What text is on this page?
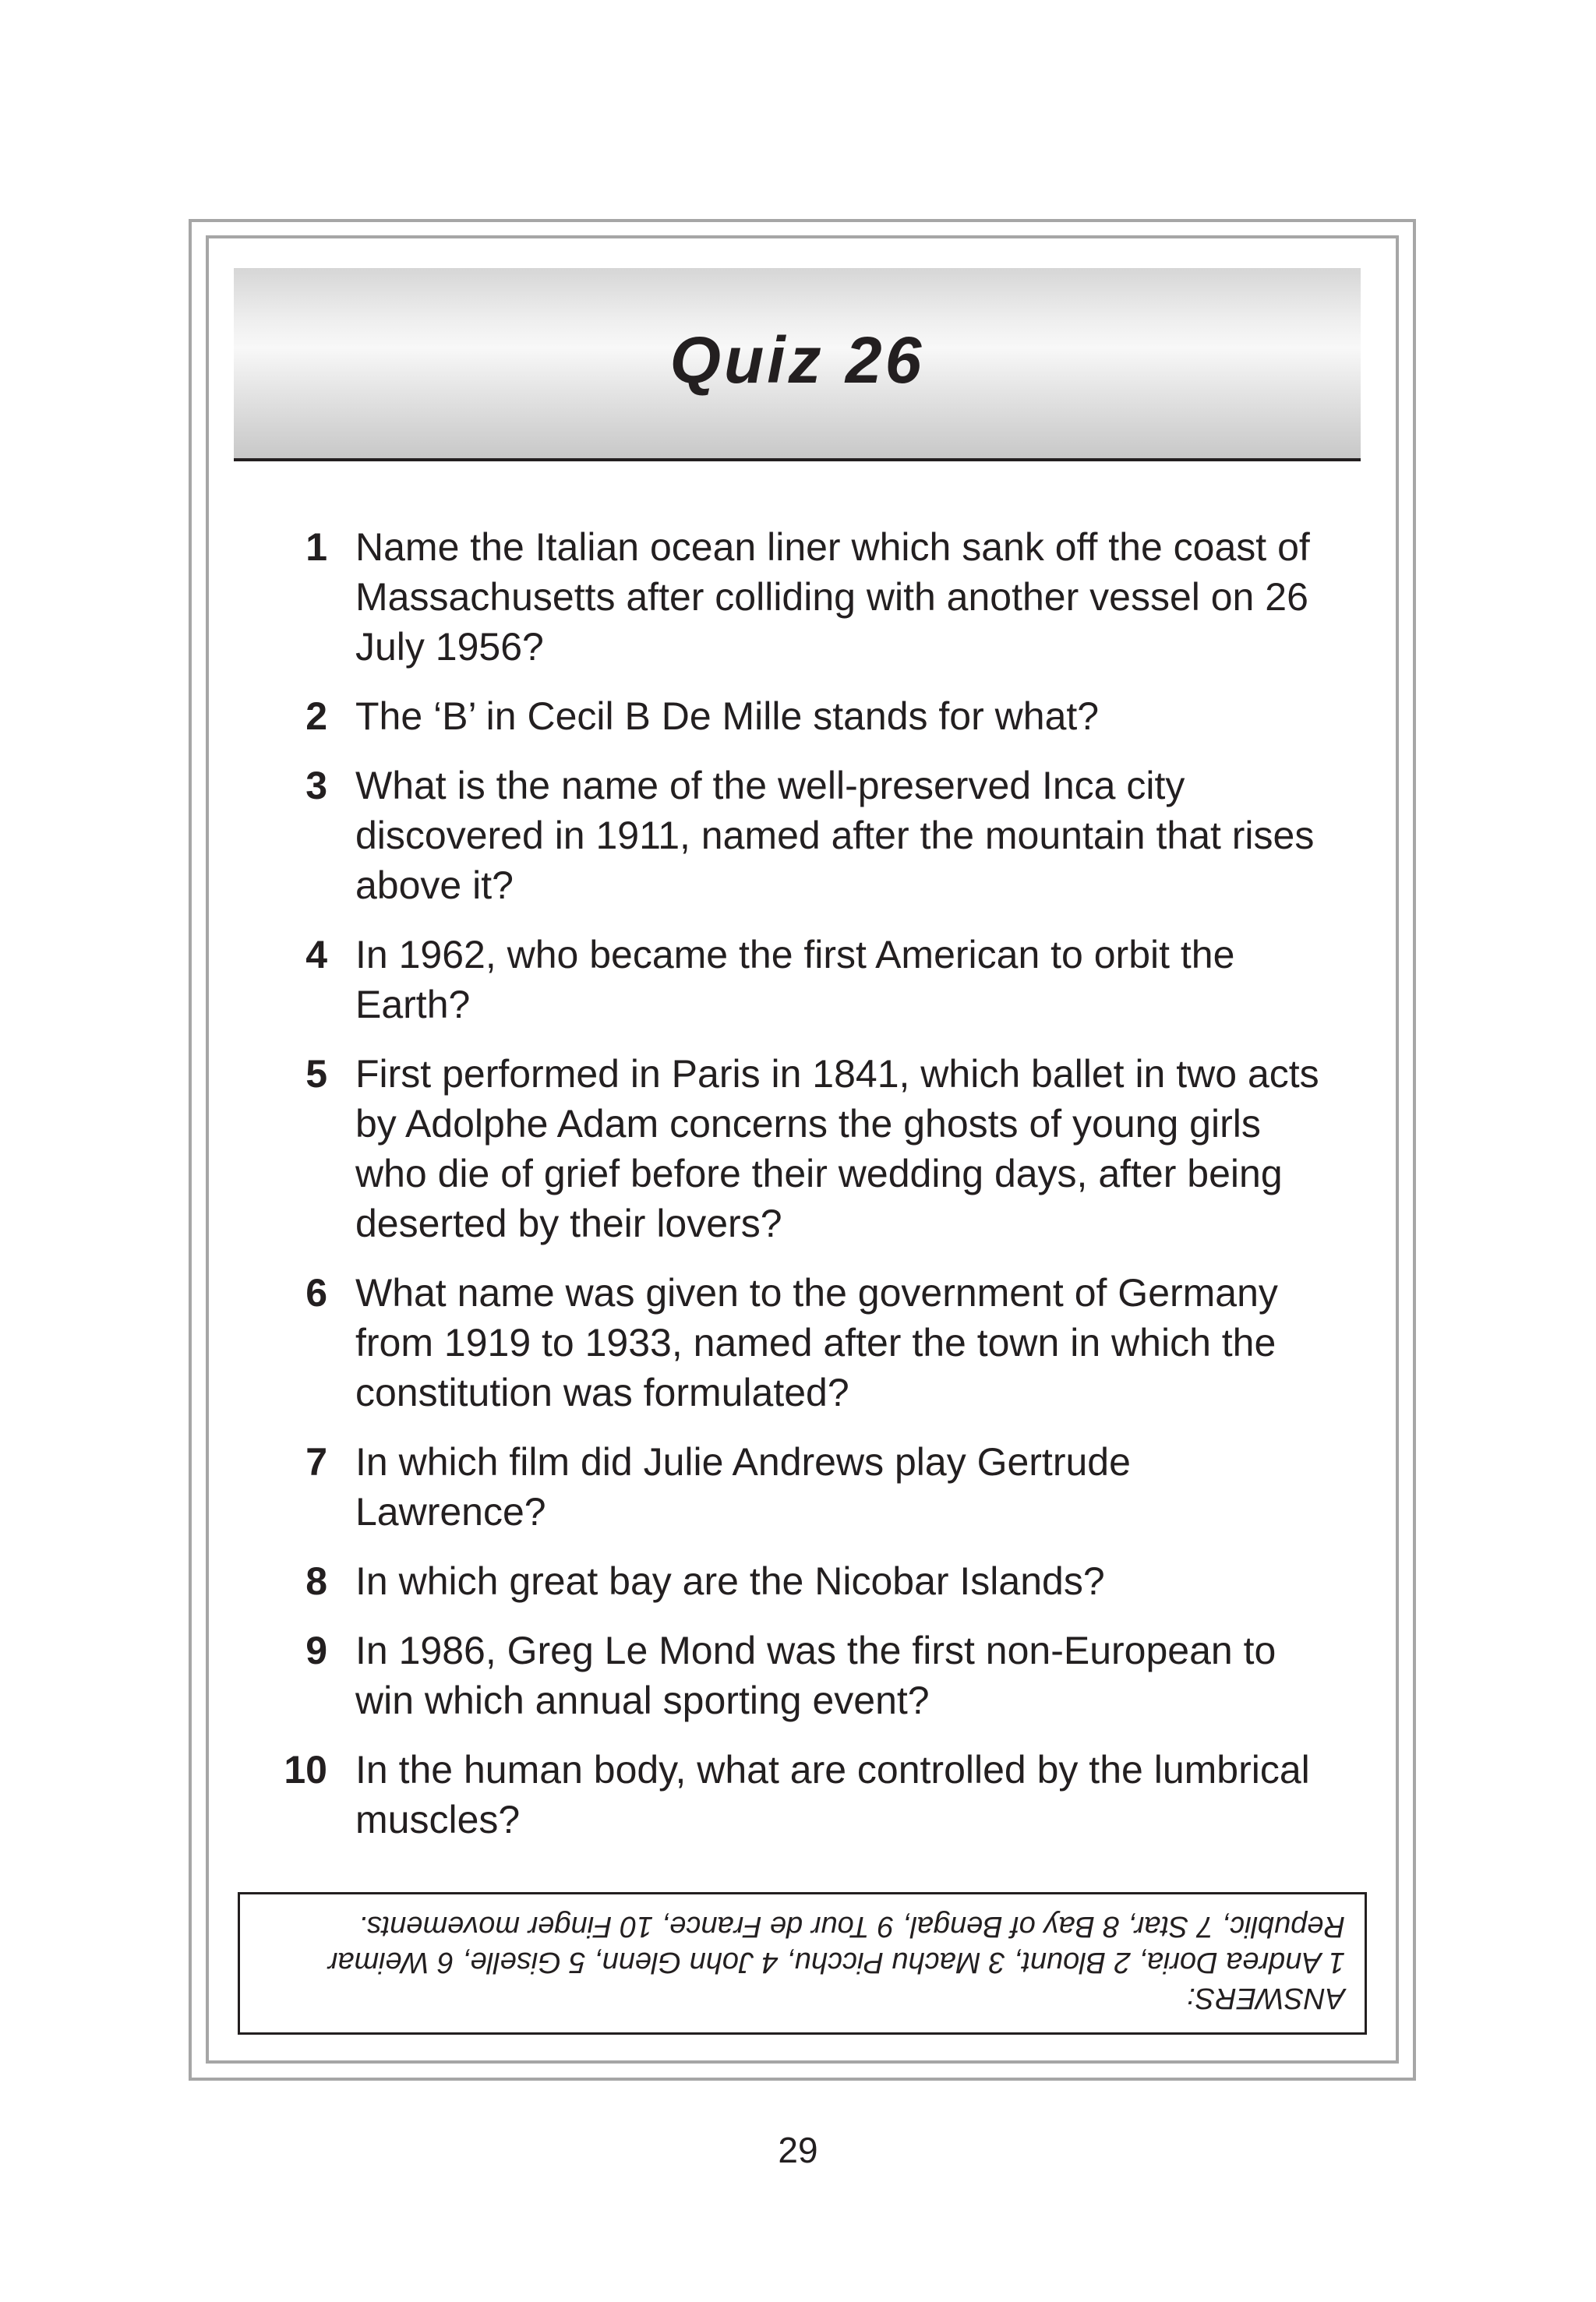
Quiz 26
1 Name the Italian ocean liner which sank off the coast of Massachusetts after colliding with another vessel on 26 July 1956?
2 The ‘B’ in Cecil B De Mille stands for what?
3 What is the name of the well-preserved Inca city discovered in 1911, named after the mountain that rises above it?
4 In 1962, who became the first American to orbit the Earth?
5 First performed in Paris in 1841, which ballet in two acts by Adolphe Adam concerns the ghosts of young girls who die of grief before their wedding days, after being deserted by their lovers?
6 What name was given to the government of Germany from 1919 to 1933, named after the town in which the constitution was formulated?
7 In which film did Julie Andrews play Gertrude Lawrence?
8 In which great bay are the Nicobar Islands?
9 In 1986, Greg Le Mond was the first non-European to win which annual sporting event?
10 In the human body, what are controlled by the lumbrical muscles?
ANSWERS:
1 Andrea Doria, 2 Blount, 3 Machu Picchu, 4 John Glenn, 5 Giselle, 6 Weimar
Republic, 7 Star, 8 Bay of Bengal, 9 Tour de France, 10 Finger movements.
29
